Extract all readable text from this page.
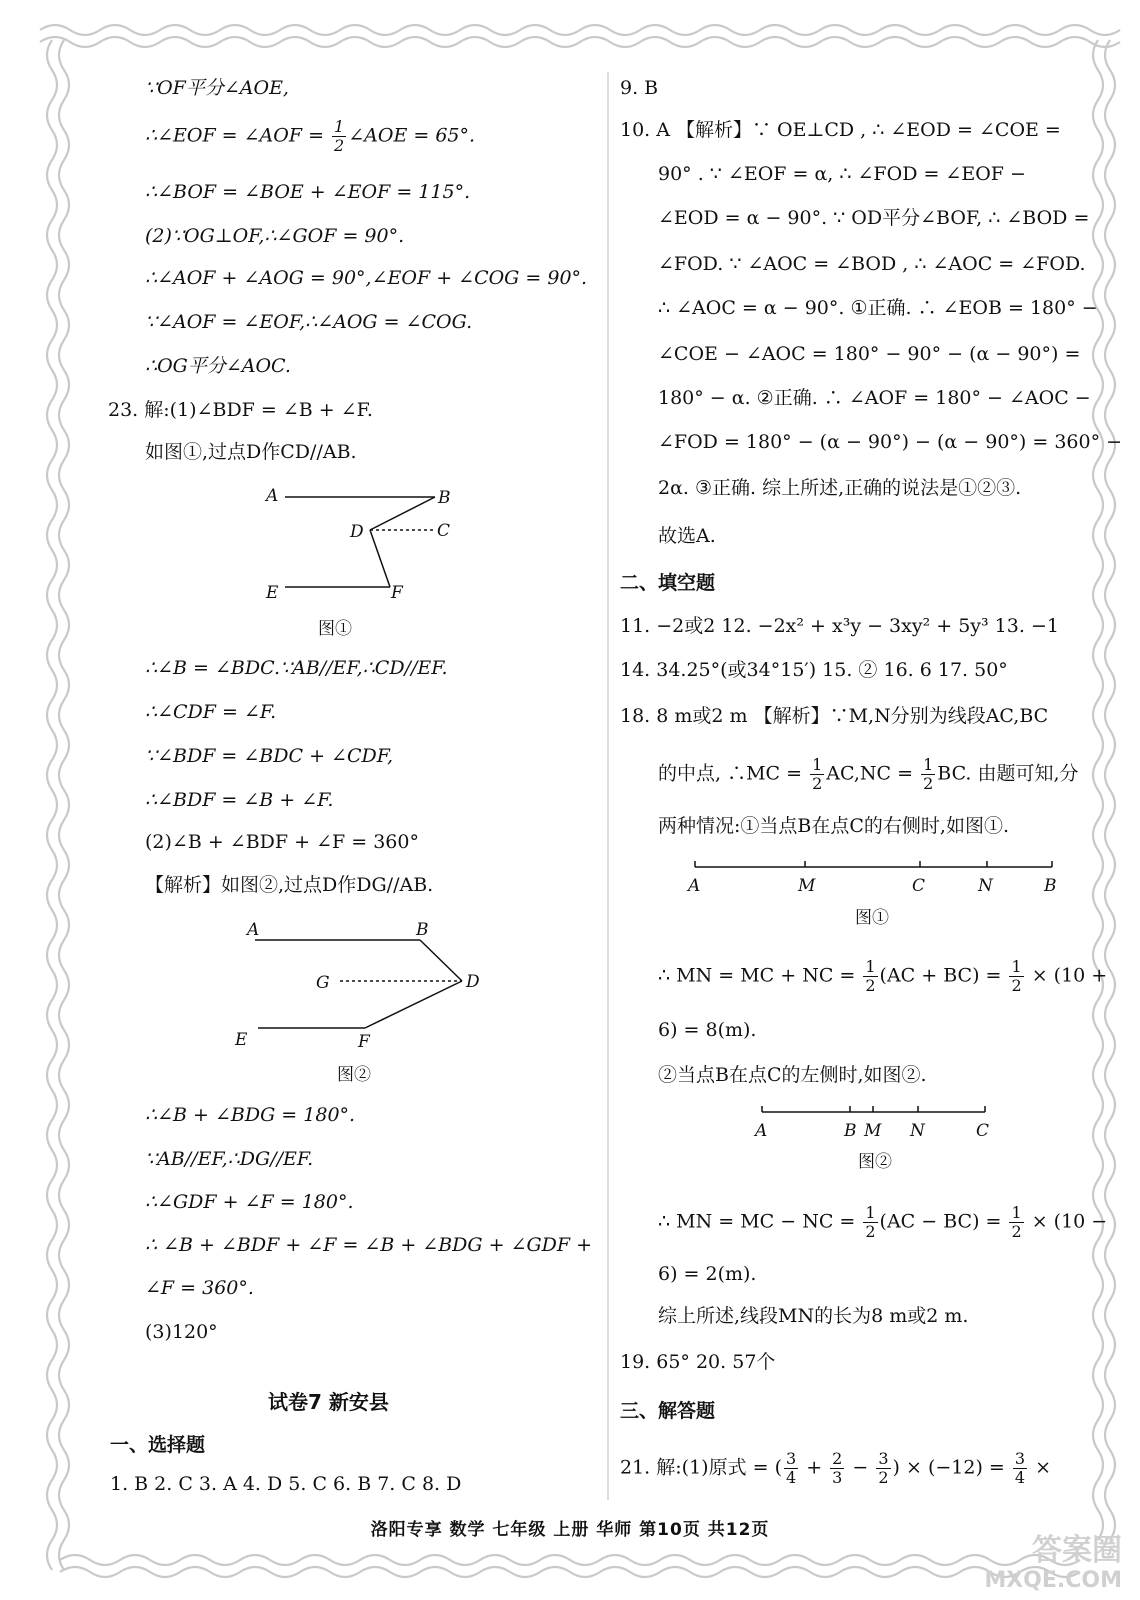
∵OF平分∠AOE,
∴∠EOF = ∠AOF = $\frac{1}{2}$ ∠AOE = 65°.
∴∠BOF = ∠BOE + ∠EOF = 115°.
(2)∵OG⊥OF,∴∠GOF = 90°.
∴∠AOF + ∠AOG = 90°,∠EOF + ∠COG = 90°.
∵∠AOF = ∠EOF,∴∠AOG = ∠COG.
∴OG平分∠AOC.
23. 解:(1)∠BDF = ∠B + ∠F.
如图①,过点D作CD//AB.
A	B
D	C
E	F
图①
∴∠B = ∠BDC.∵AB//EF,∴CD//EF.
∴∠CDF = ∠F.
∵∠BDF = ∠BDC + ∠CDF,
∴∠BDF = ∠B + ∠F.
(2)∠B + ∠BDF + ∠F = 360°
【解析】如图②,过点D作DG//AB.
A	B
G	D
E	F
图②
∴∠B + ∠BDG = 180°.
∵AB//EF,∴DG//EF.
∴∠GDF + ∠F = 180°.
∴ ∠B + ∠BDF + ∠F = ∠B + ∠BDG + ∠GDF +
∠F = 360°.
(3)120°
试卷7 新安县
一、选择题
1. B 2. C 3. A 4. D 5. C 6. B 7. C 8. D
9. B
10. A 【解析】∵ OE⊥CD , ∴ ∠EOD = ∠COE =
90° . ∵ ∠EOF = α, ∴ ∠FOD = ∠EOF −
∠EOD = α − 90°. ∵ OD平分∠BOF, ∴ ∠BOD =
∠FOD. ∵ ∠AOC = ∠BOD , ∴ ∠AOC = ∠FOD.
∴ ∠AOC = α − 90°. ①正确. ∴ ∠EOB = 180° −
∠COE − ∠AOC = 180° − 90° − (α − 90°) =
180° − α. ②正确. ∴ ∠AOF = 180° − ∠AOC −
∠FOD = 180° − (α − 90°) − (α − 90°) = 360° −
2α. ③正确. 综上所述,正确的说法是①②③.
故选A.
二、填空题
11. −2或2 12. −2x² + x³y − 3xy² + 5y³ 13. −1
14. 34.25°(或34°15′) 15. ② 16. 6 17. 50°
18. 8 m或2 m 【解析】∵M,N分别为线段AC,BC
的中点, ∴MC = $\frac{1}{2} AC,NC = \frac{1}{2}$ BC. 由题可知,分
两种情况:①当点B在点C的右侧时,如图①.
A	M	C	N	B
图①
∴ MN = MC + NC = $\frac{1}{2} (AC + BC) = \frac{1}{2} \times (10$ +
6) = 8(m).
②当点B在点C的左侧时,如图②.
A	B M N	C
图②
∴ MN = MC − NC = $\frac{1}{2} (AC - BC) = \frac{1}{2} \times (10$ −
6) = 2(m).
综上所述,线段MN的长为8 m或2 m.
19. 65° 20. 57个
三、解答题
21. 解:(1)原式 = ( $\frac{3}{4} + \frac{2}{3} - \frac{3}{2}$ ) × $(-12) = \frac{3}{4}$ ×
洛阳专享 数学 七年级 上册 华师 第10页 共12页
答案圈
MXQE.COM
